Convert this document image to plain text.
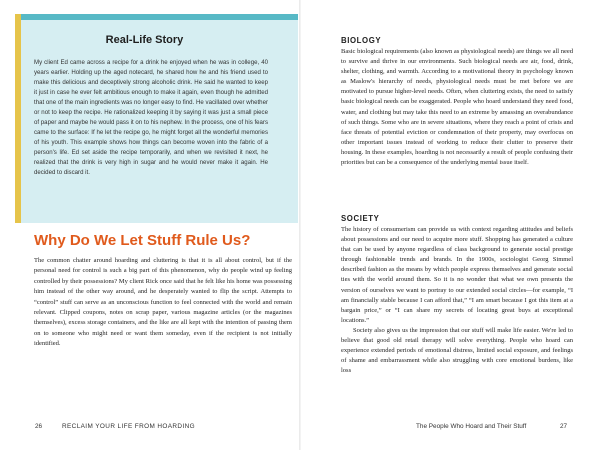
Real-Life Story

My client Ed came across a recipe for a drink he enjoyed when he was in college, 40 years earlier. Holding up the aged notecard, he shared how he and his friend used to make this delicious and deceptively strong alcoholic drink. He said he wanted to keep it just in case he ever felt ambitious enough to make it again, even though he admitted that one of the main ingredients was no longer easy to find. He vacillated over whether or not to keep the recipe. He rationalized keeping it by saying it was just a small piece of paper and maybe he would pass it on to his nephew. In the process, one of his fears came to the surface: If he let the recipe go, he might forget all the wonderful memories of his youth. This example shows how things can become woven into the fabric of a person's life. Ed set aside the recipe temporarily, and when we revisited it next, he realized that the drink is very high in sugar and he would never make it again. He decided to discard it.

Why Do We Let Stuff Rule Us?

The common chatter around hoarding and cluttering is that it is all about control, but if the personal need for control is such a big part of this phenomenon, why do people wind up feeling controlled by their possessions? My client Rick once said that he felt like his home was possessing him instead of the other way around, and he desperately wanted to flip the script. Attempts to “control” stuff can serve as an unconscious function to feel connected with the world and remain relevant. Clipped coupons, notes on scrap paper, various magazine articles (or the magazines themselves), excess storage containers, and the like are all kept with the intention of passing them on to someone who might need or want them someday, even if the recipient is not initially identified.

26	RECLAIM YOUR LIFE FROM HOARDING
BIOLOGY

Basic biological requirements (also known as physiological needs) are things we all need to survive and thrive in our environments. Such biological needs are air, food, drink, shelter, clothing, and warmth. According to a motivational theory in psychology known as Maslow's hierarchy of needs, physiological needs must be met before we are motivated to pursue higher-level needs. Often, when cluttering exists, the need to satisfy basic biological needs can be exaggerated. People who hoard understand they need food, water, and clothing but may take this need to an extreme by amassing an overabundance of such things. Some who are in severe situations, where they reach a point of crisis and face threats of potential eviction or condemnation of their property, may overfocus on other important issues instead of working to reduce their clutter to preserve their housing. In these examples, hoarding is not necessarily a result of people confusing their priorities but can be a consequence of the underlying mental issue itself.

SOCIETY

The history of consumerism can provide us with context regarding attitudes and beliefs about possessions and our need to acquire more stuff. Shopping has generated a culture that can be used by anyone regardless of class background to generate social prestige through fashionable trends and brands. In the 1900s, sociologist Georg Simmel described fashion as the means by which people express themselves and generate social ties with the world around them. So it is no wonder that what we own presents the version of ourselves we want to portray to our extended social circles—for example, “I am financially stable because I can afford that,” “I am smart because I got this item at a bargain price,” or “I can share my secrets of locating great buys at exceptional locations.”

Society also gives us the impression that our stuff will make life easier. We're led to believe that good old retail therapy will solve everything. People who hoard can experience extended periods of emotional distress, limited social exposure, and feelings of shame and embarrassment while also struggling with core emotional burdens, like loss

The People Who Hoard and Their Stuff	27
